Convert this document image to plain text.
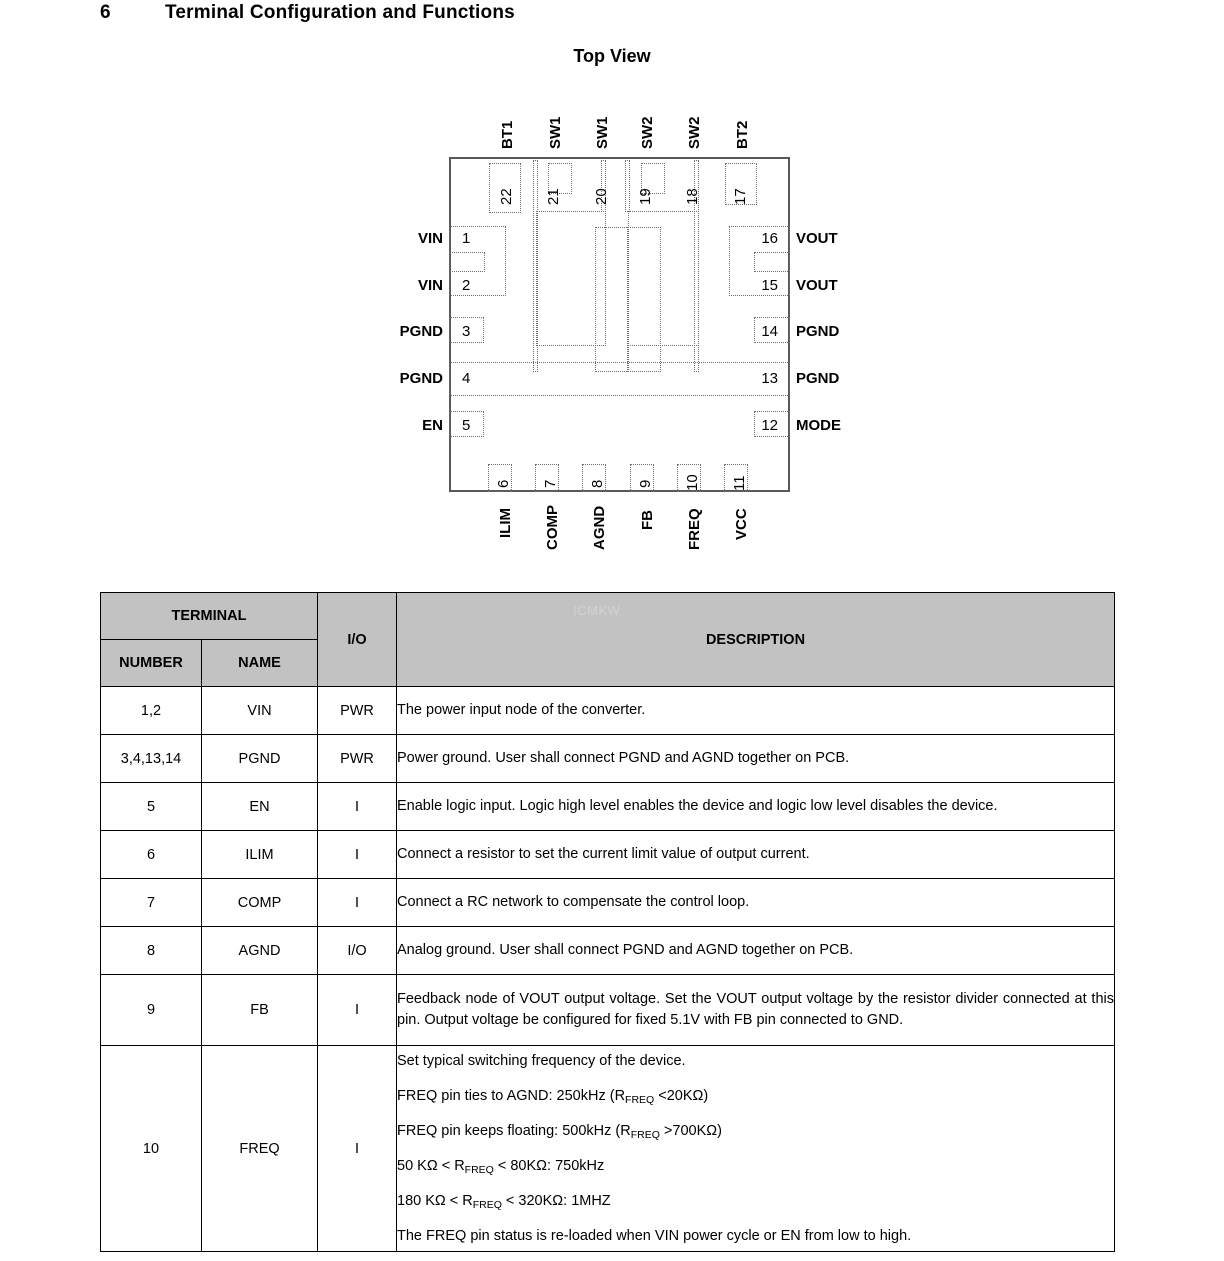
6	Terminal Configuration and Functions
Top View
22 21 20 19 18 17
BT1 SW1 SW1 SW2 SW2 BT2
1
2
3
4
5
VIN
VIN
PGND
PGND
EN
16
15
14
13
12
VOUT
VOUT
PGND
PGND
MODE
6 7 8 9 10 11
ILIM COMP AGND FB FREQ VCC
TERMINAL		I/O	ICMKW
DESCRIPTION
NUMBER	NAME		
1,2	VIN	PWR	The power input node of the converter.
3,4,13,14	PGND	PWR	Power ground. User shall connect PGND and AGND together on PCB.
5	EN	I	Enable logic input. Logic high level enables the device and logic low level disables the device.
6	ILIM	I	Connect a resistor to set the current limit value of output current.
7	COMP	I	Connect a RC network to compensate the control loop.
8	AGND	I/O	Analog ground. User shall connect PGND and AGND together on PCB.
9	FB	I	Feedback node of VOUT output voltage. Set the VOUT output voltage by the resistor divider connected at this pin. Output voltage be configured for fixed 5.1V with FB pin connected to GND.
10	FREQ	I	
Set typical switching frequency of the device.
FREQ pin ties to AGND: 250kHz $(R_{FREQ} <20K\Omega)$
FREQ pin keeps floating: 500kHz $(R_{FREQ} >700K\Omega)$
50 $K\Omega < R_{FREQ} < 80K\Omega$: 750kHz
180 $K\Omega < R_{FREQ} < 320K\Omega$: 1MHZ
The FREQ pin status is re-loaded when VIN power cycle or EN from low to high.
